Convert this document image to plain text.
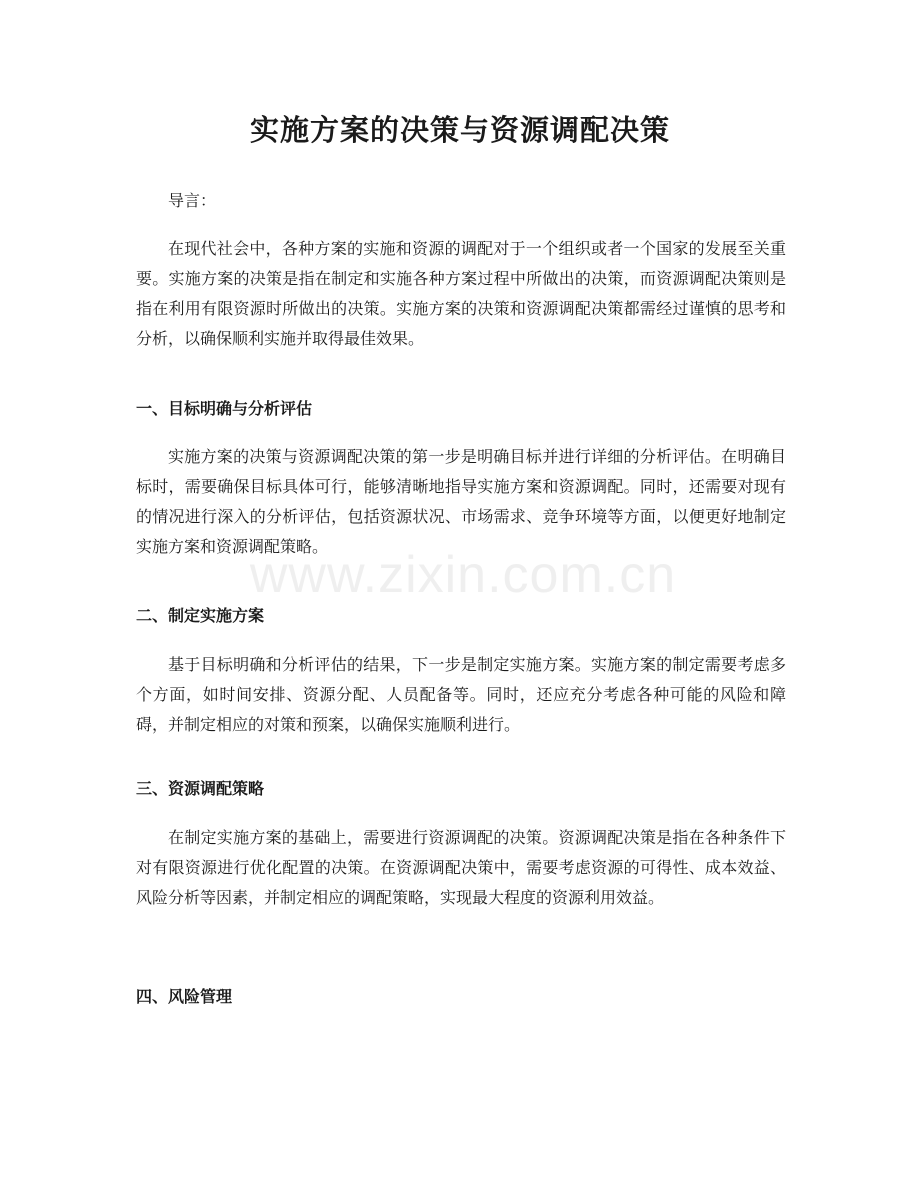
实施方案的决策与资源调配决策

导言：

在现代社会中，各种方案的实施和资源的调配对于一个组织或者一个国家的发展至关重要。实施方案的决策是指在制定和实施各种方案过程中所做出的决策，而资源调配决策则是指在利用有限资源时所做出的决策。实施方案的决策和资源调配决策都需经过谨慎的思考和分析，以确保顺利实施并取得最佳效果。

一、目标明确与分析评估

实施方案的决策与资源调配决策的第一步是明确目标并进行详细的分析评估。在明确目标时，需要确保目标具体可行，能够清晰地指导实施方案和资源调配。同时，还需要对现有的情况进行深入的分析评估，包括资源状况、市场需求、竞争环境等方面，以便更好地制定实施方案和资源调配策略。

二、制定实施方案

基于目标明确和分析评估的结果，下一步是制定实施方案。实施方案的制定需要考虑多个方面，如时间安排、资源分配、人员配备等。同时，还应充分考虑各种可能的风险和障碍，并制定相应的对策和预案，以确保实施顺利进行。

三、资源调配策略

在制定实施方案的基础上，需要进行资源调配的决策。资源调配决策是指在各种条件下对有限资源进行优化配置的决策。在资源调配决策中，需要考虑资源的可得性、成本效益、风险分析等因素，并制定相应的调配策略，实现最大程度的资源利用效益。

四、风险管理

www.zixin.com.cn
